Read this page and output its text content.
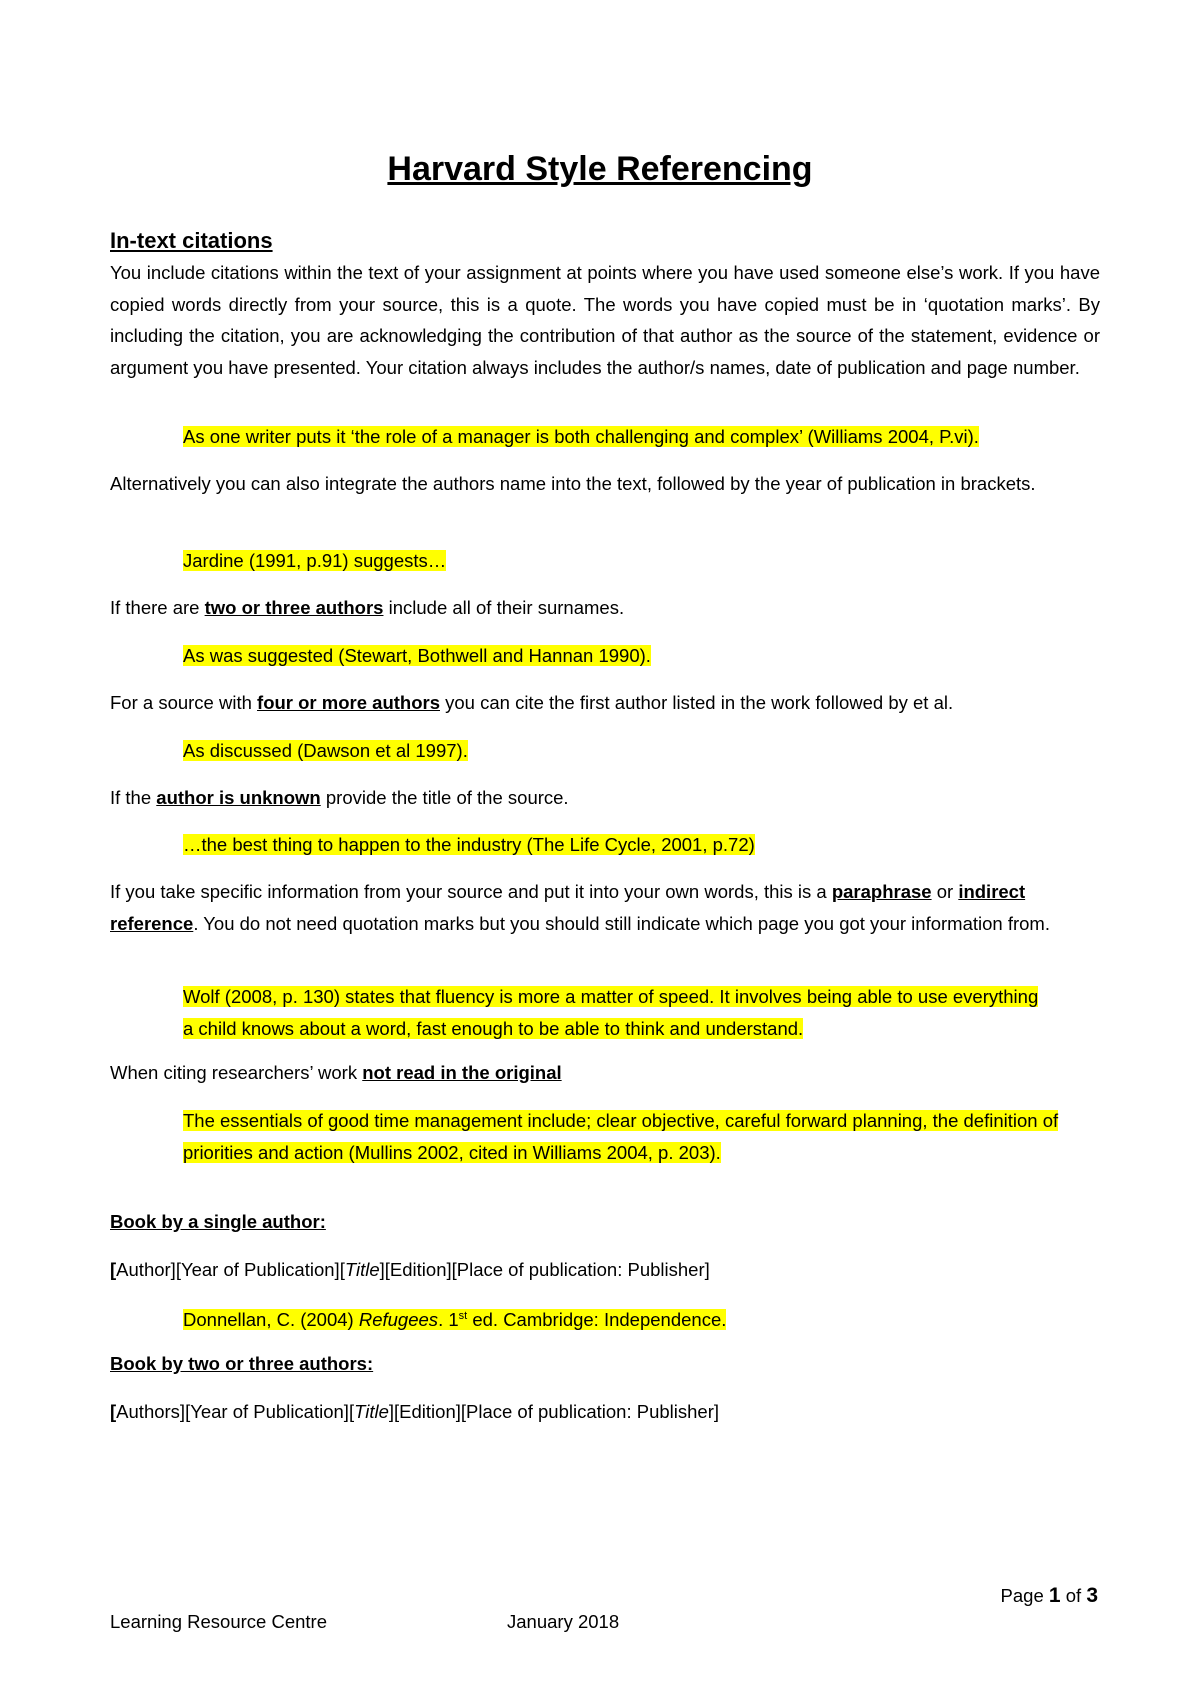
Harvard Style Referencing
In-text citations

You include citations within the text of your assignment at points where you have used someone else’s work. If you have copied words directly from your source, this is a quote. The words you have copied must be in ‘quotation marks’. By including the citation, you are acknowledging the contribution of that author as the source of the statement, evidence or argument you have presented. Your citation always includes the author/s names, date of publication and page number.

As one writer puts it ‘the role of a manager is both challenging and complex’ (Williams 2004, P.vi).

Alternatively you can also integrate the authors name into the text, followed by the year of publication in brackets.

Jardine (1991, p.91) suggests…

If there are two or three authors include all of their surnames.

As was suggested (Stewart, Bothwell and Hannan 1990).

For a source with four or more authors you can cite the first author listed in the work followed by et al.

As discussed (Dawson et al 1997).

If the author is unknown provide the title of the source.

…the best thing to happen to the industry (The Life Cycle, 2001, p.72)

If you take specific information from your source and put it into your own words, this is a paraphrase or indirect reference. You do not need quotation marks but you should still indicate which page you got your information from.

Wolf (2008, p. 130) states that fluency is more a matter of speed. It involves being able to use everything a child knows about a word, fast enough to be able to think and understand.

When citing researchers’ work not read in the original

The essentials of good time management include; clear objective, careful forward planning, the definition of priorities and action (Mullins 2002, cited in Williams 2004, p. 203).

Book by a single author:

[Author][Year of Publication][Title][Edition][Place of publication: Publisher]

Donnellan, C. (2004) Refugees. 1st ed. Cambridge: Independence.

Book by two or three authors:

[Authors][Year of Publication][Title][Edition][Place of publication: Publisher]

Page 1 of 3

Learning Resource Centre	January 2018
